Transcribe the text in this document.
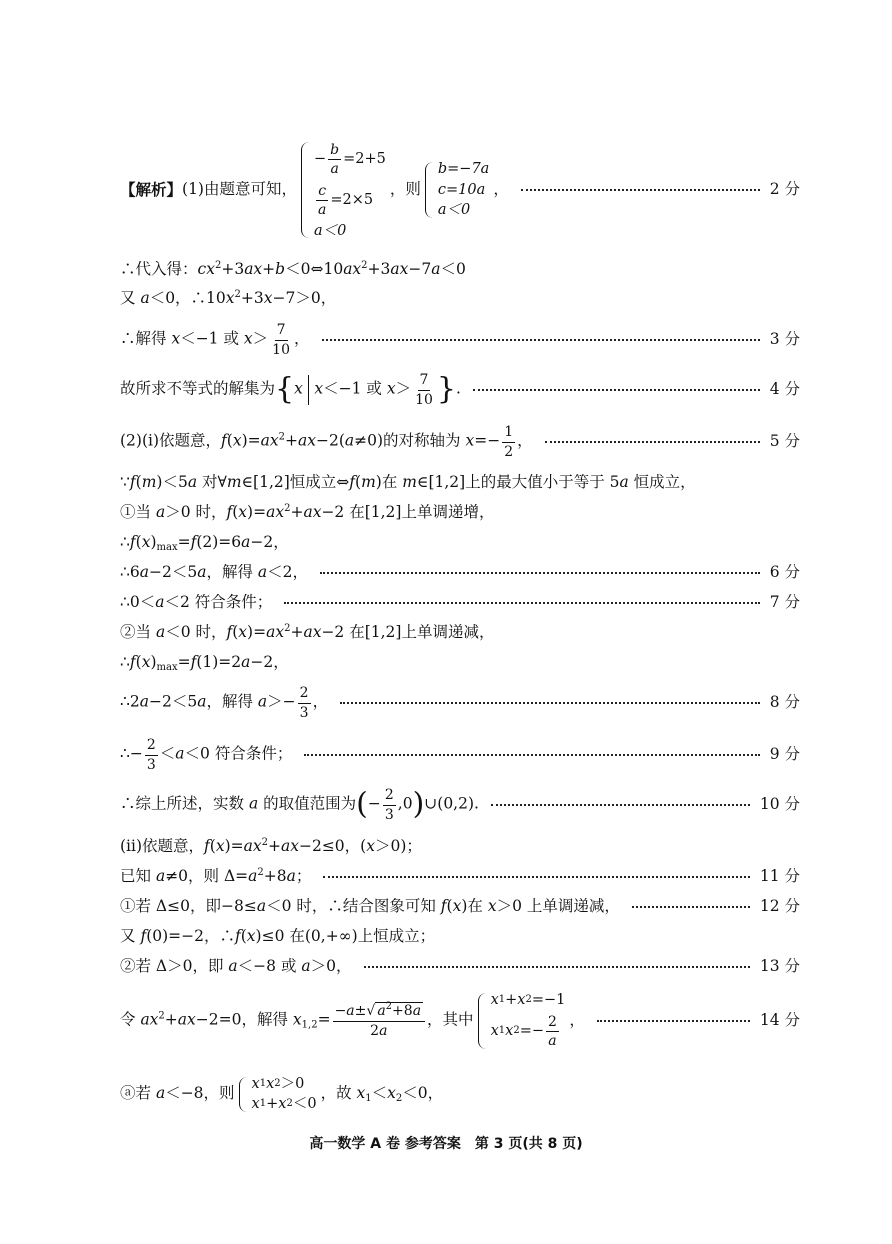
【解析】 (1)由题意可知，
− $\frac{b}{a} =2+5$
$\frac{c}{a} =2\times 5$
a＜0
，则
b=−7a
c=10a
a＜0
，	2 分
∴代入得：$cx^2+3ax+b<0\Leftrightarrow 10ax^2+3ax-7a<0$
又 a＜0，$\therefore 10x^2+3x-7>0$，
∴解得 x＜−1 或 $x> \frac{7}{10}$ ，	3 分
故所求不等式的解集为{x x＜−1 或 $x> \frac{7}{10}$ }.	4 分
(2)(ⅰ)依题意，$f(x)=ax^2+ax-2(a\ne 0)$的对称轴为 $x=- \frac{1}{2}$ ，	5 分
∵f(m)＜5a 对∀m∈[1,2]恒成立⇔f(m)在 m∈[1,2]上的最大值小于等于 5a 恒成立，
①当 a＞0 时，$f(x)=ax^2+ax-2$ 在[1,2]上单调递增，
$\therefore f(x)_{max}=f(2)=6a-2$，
∴6a−2＜5a，解得 a＜2，	6 分
∴0＜a＜2 符合条件；	7 分
②当 a＜0 时，$f(x)=ax^2+ax-2$ 在[1,2]上单调递减，
$\therefore f(x)_{max}=f(1)=2a-2$，
∴2a−2＜5a，解得 $a>- \frac{2}{3}$ ，	8 分
∴− $\frac{2}{3} <a<0$ 符合条件；	9 分
∴综上所述，实数 a 的取值范围为(− $\frac{2}{3}$ ,0)∪(0,2).	10 分
(ⅱ)依题意，$f(x)=ax^2+ax-2\le 0$，(x＞0)；
已知 a≠0，则 $\Delta=a^2+8a$；	11 分
①若 Δ≤0，即−8≤a＜0 时，∴结合图象可知 f(x)在 x＞0 上单调递减，	12 分
又 f(0)=−2，∴f(x)≤0 在(0,+∞)上恒成立；
②若 Δ＞0，即 a＜−8 或 a＞0，	13 分
令 $ax^2+ax-2=0$，解得 $x_{1,2}= \frac{-a\pm√ a^2+8a}{2a}$ ，其中
x 1 + x 2 =−1
x 1 x $2 =- \frac{2}{a}$ ，	14 分
ⓐ若 a＜−8，则
x 1 x 2 ＞0
x 1 + x 2 ＜0
，故 $x_1<x_2<0$，
高一数学 A 卷 参考答案　第 3 页(共 8 页)
